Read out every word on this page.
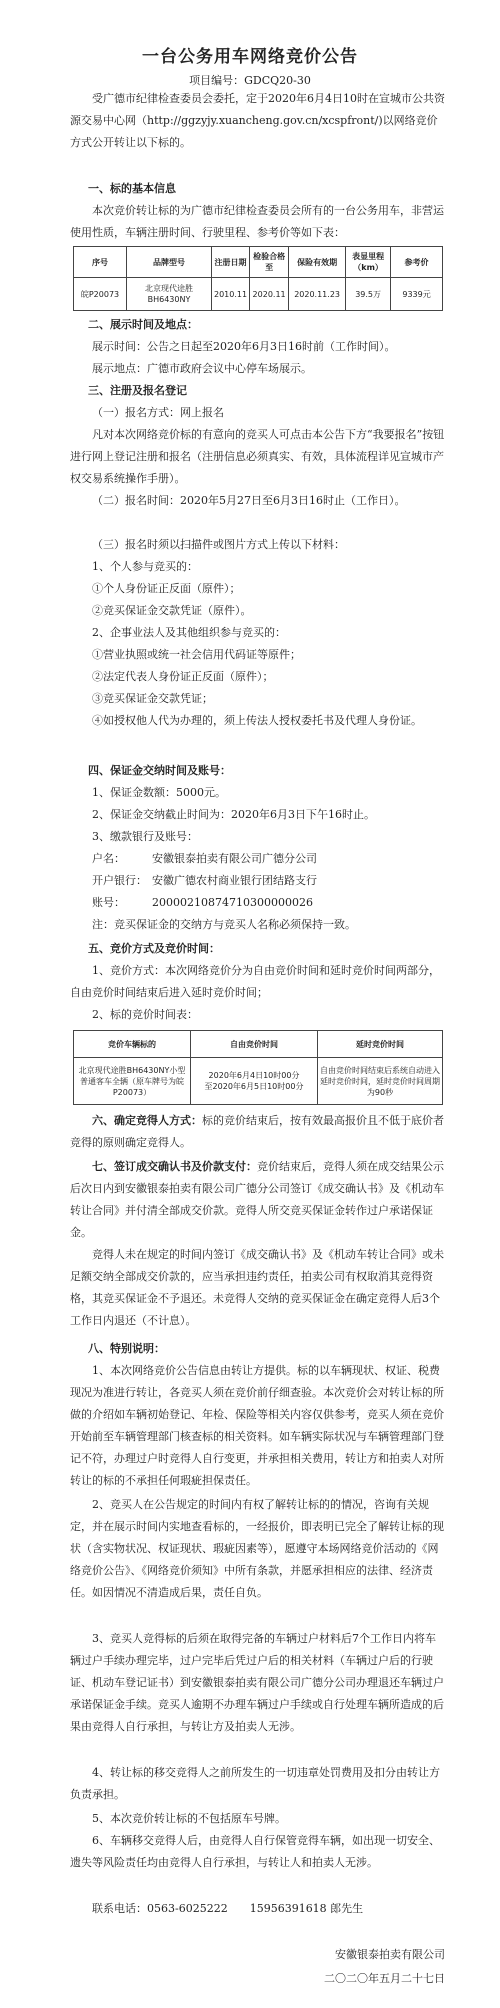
一台公务用车网络竞价公告
项目编号：GDCQ20-30

受广德市纪律检查委员会委托，定于2020年6月4日10时在宣城市公共资源交易中心网（http://ggzyjy.xuancheng.gov.cn/xcspfront/)以网络竞价方式公开转让以下标的。

一、标的基本信息

本次竞价转让标的为广德市纪律检查委员会所有的一台公务用车，非营运使用性质，车辆注册时间、行驶里程、参考价等如下表：

序号	品牌型号	注册日期	检验合格至	保险有效期	表显里程（km）	参考价
皖P20073	北京现代途胜 BH6430NY	2010.11	2020.11	2020.11.23	39.5万	9339元

二、展示时间及地点：

展示时间：公告之日起至2020年6月3日16时前（工作时间）。

展示地点：广德市政府会议中心停车场展示。

三、注册及报名登记

（一）报名方式：网上报名

凡对本次网络竞价标的有意向的竞买人可点击本公告下方“我要报名”按钮进行网上登记注册和报名（注册信息必须真实、有效，具体流程详见宣城市产权交易系统操作手册）。

（二）报名时间：2020年5月27日至6月3日16时止（工作日）。

（三）报名时须以扫描件或图片方式上传以下材料：

1、个人参与竞买的：

①个人身份证正反面（原件）；

②竞买保证金交款凭证（原件）。

2、企事业法人及其他组织参与竞买的：

①营业执照或统一社会信用代码证等原件；

②法定代表人身份证正反面（原件）；

③竞买保证金交款凭证；

④如授权他人代为办理的，须上传法人授权委托书及代理人身份证。

四、保证金交纳时间及账号：

1、保证金数额：5000元。

2、保证金交纳截止时间为：2020年6月3日下午16时止。

3、缴款银行及账号：

户名：	安徽银泰拍卖有限公司广德分公司

开户银行： 安徽广德农村商业银行团结路支行

账号：	20000210874710300000026

注：竞买保证金的交纳方与竞买人名称必须保持一致。

五、竞价方式及竞价时间：

1、竞价方式：本次网络竞价分为自由竞价时间和延时竞价时间两部分，自由竞价时间结束后进入延时竞价时间；

2、标的竞价时间表：

竞价车辆标的	自由竞价时间	延时竞价时间
北京现代途胜BH6430NY小型普通客车全辆（原车牌号为皖P20073）	2020年6月4日10时00分
至2020年6月5日10时00分	自由竞价时间结束后系统自动进入延时竞价时间，延时竞价时间周期为90秒

六、确定竞得人方式：标的竞价结束后，按有效最高报价且不低于底价者竞得的原则确定竞得人。

七、签订成交确认书及价款支付：竞价结束后，竞得人须在成交结果公示后次日内到安徽银泰拍卖有限公司广德分公司签订《成交确认书》及《机动车转让合同》并付清全部成交价款。竞得人所交竞买保证金转作过户承诺保证金。

竞得人未在规定的时间内签订《成交确认书》及《机动车转让合同》或未足额交纳全部成交价款的，应当承担违约责任，拍卖公司有权取消其竞得资格，其竞买保证金不予退还。未竞得人交纳的竞买保证金在确定竞得人后3个工作日内退还（不计息）。

八、特别说明：

1、本次网络竞价公告信息由转让方提供。标的以车辆现状、权证、税费现况为准进行转让，各竞买人须在竞价前仔细查验。本次竞价会对转让标的所做的介绍如车辆初始登记、年检、保险等相关内容仅供参考，竞买人须在竞价开始前至车辆管理部门核查标的相关资料。如车辆实际状况与车辆管理部门登记不符，办理过户时竞得人自行变更，并承担相关费用，转让方和拍卖人对所转让的标的不承担任何瑕疵担保责任。

2、竞买人在公告规定的时间内有权了解转让标的的情况，咨询有关规定，并在展示时间内实地查看标的，一经报价，即表明已完全了解转让标的现状（含实物状况、权证现状、瑕疵因素等），愿遵守本场网络竞价活动的《网络竞价公告》、《网络竞价须知》中所有条款，并愿承担相应的法律、经济责任。如因情况不清造成后果，责任自负。

3、竞买人竞得标的后须在取得完备的车辆过户材料后7个工作日内将车辆过户手续办理完毕，过户完毕后凭过户后的相关材料（车辆过户后的行驶证、机动车登记证书）到安徽银泰拍卖有限公司广德分公司办理退还车辆过户承诺保证金手续。竞买人逾期不办理车辆过户手续或自行处理车辆所造成的后果由竞得人自行承担，与转让方及拍卖人无涉。

4、转让标的移交竞得人之前所发生的一切违章处罚费用及扣分由转让方负责承担。

5、本次竞价转让标的不包括原车号牌。

6、车辆移交竞得人后，由竞得人自行保管竞得车辆，如出现一切安全、遗失等风险责任均由竞得人自行承担，与转让人和拍卖人无涉。

联系电话：0563-6025222　　15956391618 郎先生

安徽银泰拍卖有限公司
二〇二〇年五月二十七日
